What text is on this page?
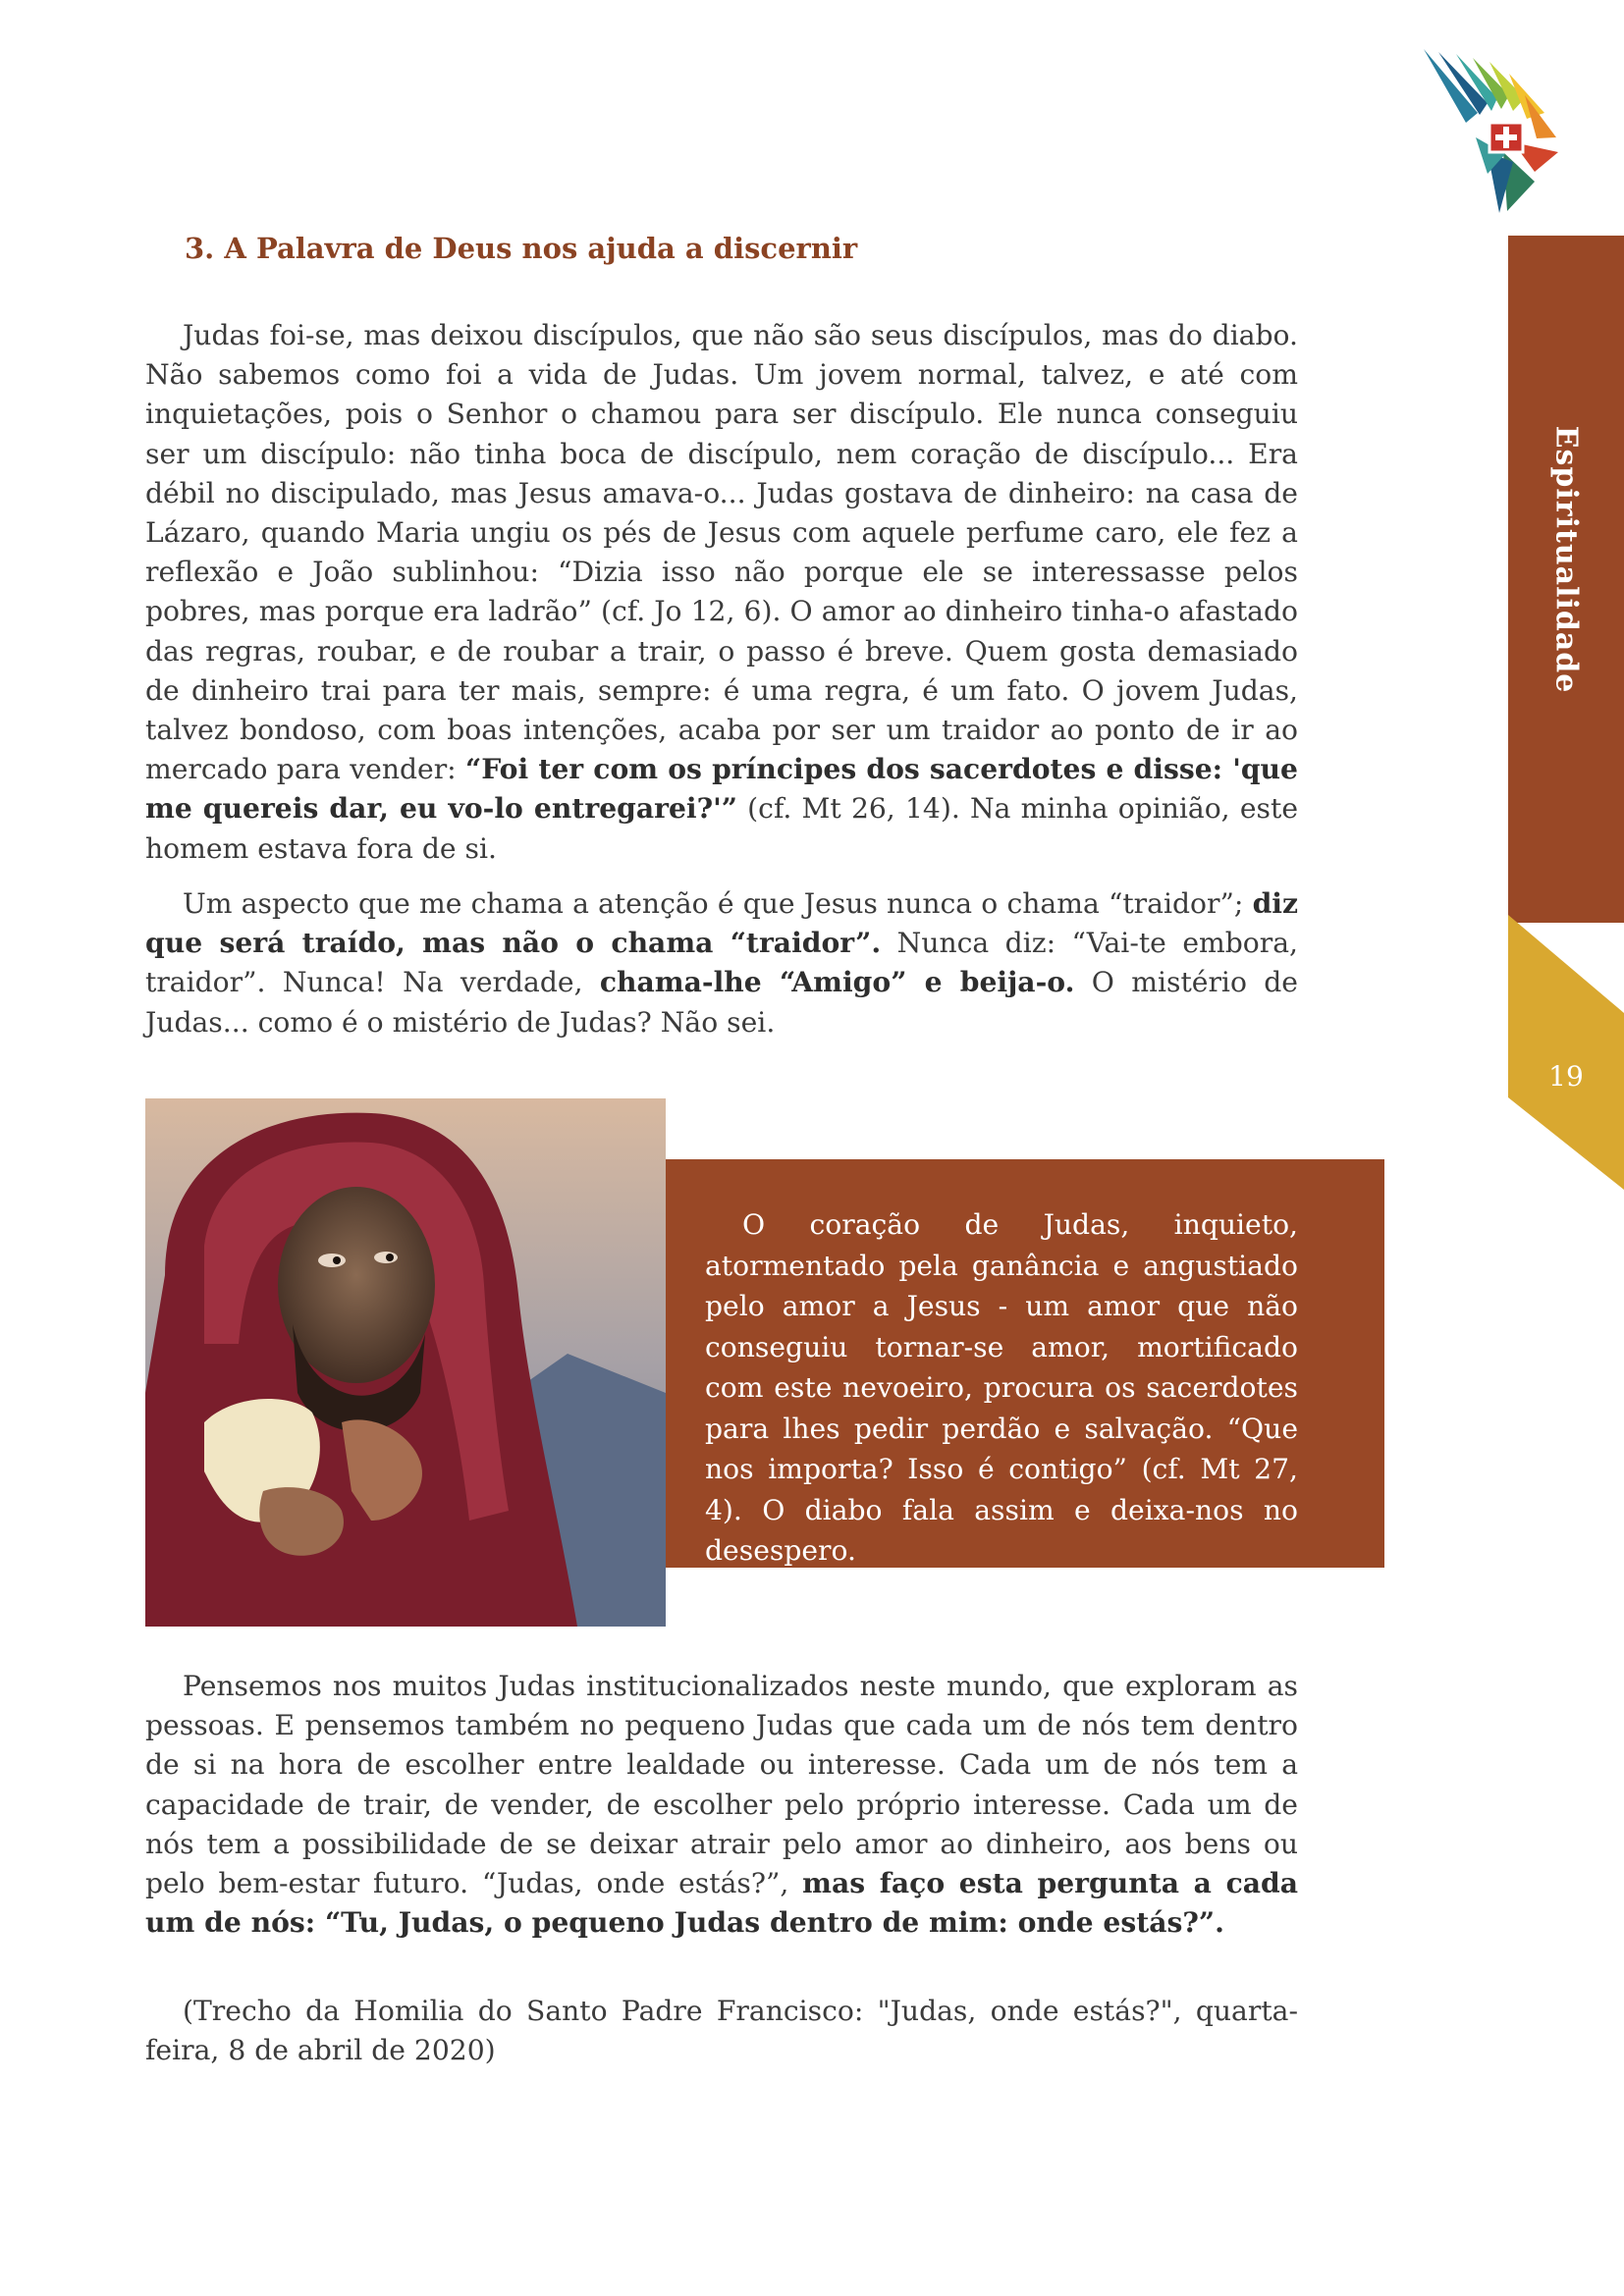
Espiritualidade
19
3. A Palavra de Deus nos ajuda a discernir

Judas foi-se, mas deixou discípulos, que não são seus discípulos, mas do diabo. Não sabemos como foi a vida de Judas. Um jovem normal, talvez, e até com inquietações, pois o Senhor o chamou para ser discípulo. Ele nunca conseguiu ser um discípulo: não tinha boca de discípulo, nem coração de discípulo... Era débil no discipulado, mas Jesus amava-o... Judas gostava de dinheiro: na casa de Lázaro, quando Maria ungiu os pés de Jesus com aquele perfume caro, ele fez a reflexão e João sublinhou: “Dizia isso não porque ele se interessasse pelos pobres, mas porque era ladrão” (cf. Jo 12, 6). O amor ao dinheiro tinha-o afastado das regras, roubar, e de roubar a trair, o passo é breve. Quem gosta demasiado de dinheiro trai para ter mais, sempre: é uma regra, é um fato. O jovem Judas, talvez bondoso, com boas intenções, acaba por ser um traidor ao ponto de ir ao mercado para vender: “Foi ter com os príncipes dos sacerdotes e disse: 'que me quereis dar, eu vo-lo entregarei?'” (cf. Mt 26, 14). Na minha opinião, este homem estava fora de si.

Um aspecto que me chama a atenção é que Jesus nunca o chama “traidor”; diz que será traído, mas não o chama “traidor”. Nunca diz: “Vai-te embora, traidor”. Nunca! Na verdade, chama-lhe “Amigo” e beija-o. O mistério de Judas... como é o mistério de Judas? Não sei.

O coração de Judas, inquieto, atormentado pela ganância e angustiado pelo amor a Jesus - um amor que não conseguiu tornar-se amor, mortificado com este nevoeiro, procura os sacerdotes para lhes pedir perdão e salvação. “Que nos importa? Isso é contigo” (cf. Mt 27, 4). O diabo fala assim e deixa-nos no desespero.

Pensemos nos muitos Judas institucionalizados neste mundo, que exploram as pessoas. E pensemos também no pequeno Judas que cada um de nós tem dentro de si na hora de escolher entre lealdade ou interesse. Cada um de nós tem a capacidade de trair, de vender, de escolher pelo próprio interesse. Cada um de nós tem a possibilidade de se deixar atrair pelo amor ao dinheiro, aos bens ou pelo bem-estar futuro. “Judas, onde estás?”, mas faço esta pergunta a cada um de nós: “Tu, Judas, o pequeno Judas dentro de mim: onde estás?”.

(Trecho da Homilia do Santo Padre Francisco: "Judas, onde estás?", quarta-feira, 8 de abril de 2020)
